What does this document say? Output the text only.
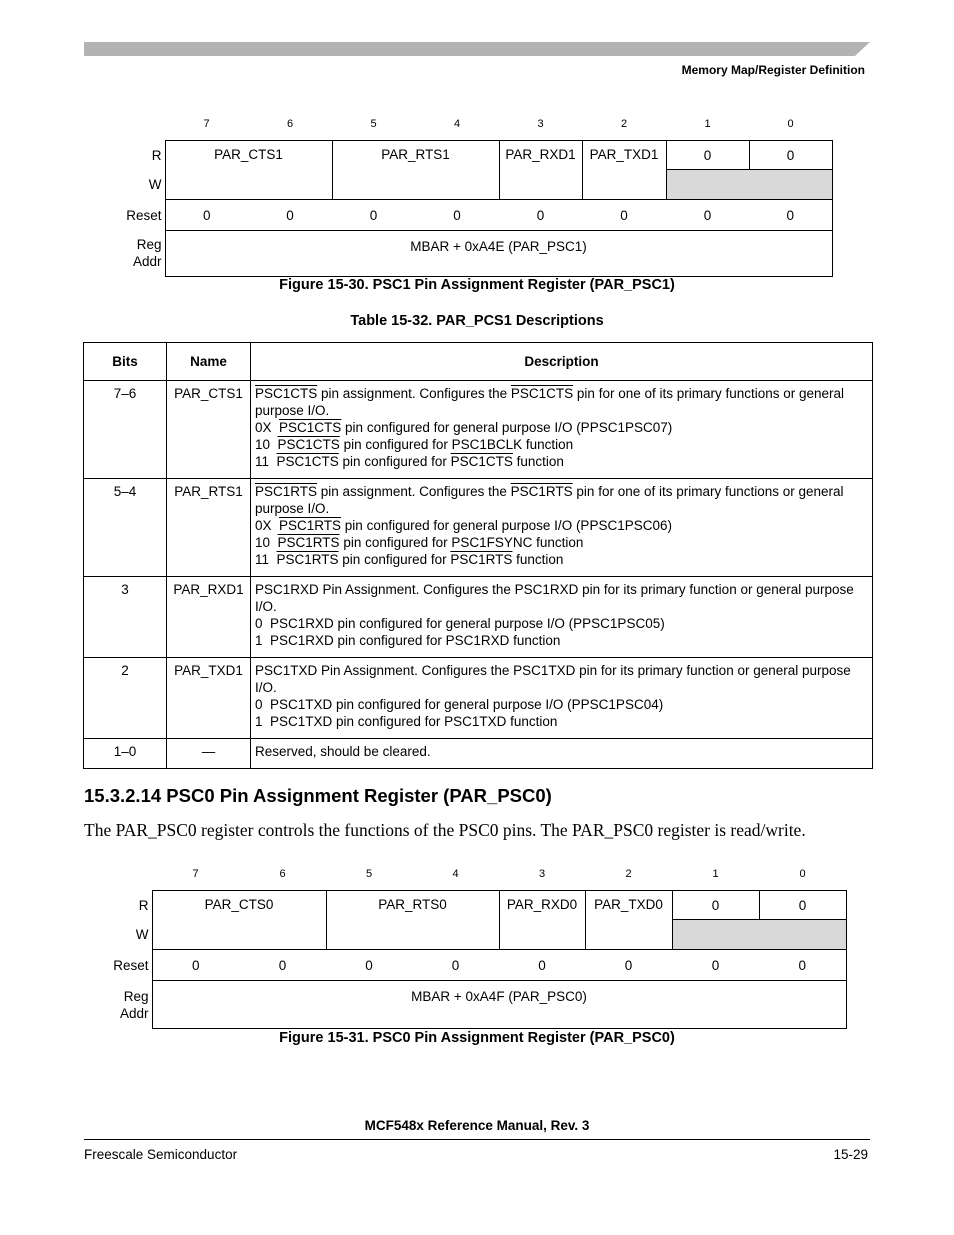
Memory Map/Register Definition
	7	6	5	4	3	2	1	0
R	PAR_CTS1		PAR_RTS1		PAR_RXD1	PAR_TXD1	0	0
W								
Reset	0	0	0	0	0	0	0	0
Reg
Addr	MBAR + 0xA4E (PAR_PSC1)							
Figure 15-30. PSC1 Pin Assignment Register (PAR_PSC1)
Table 15-32. PAR_PCS1 Descriptions
Bits	Name	Description
7–6	PAR_CTS1	PSC1CTS pin assignment. Configures the PSC1CTS pin for one of its primary functions or general purpose I/O.
0X  PSC1CTS pin configured for general purpose I/O (PPSC1PSC07)
10  PSC1CTS pin configured for PSC1BCLK function
11  PSC1CTS pin configured for PSC1CTS function
5–4	PAR_RTS1	PSC1RTS pin assignment. Configures the PSC1RTS pin for one of its primary functions or general purpose I/O.
0X  PSC1RTS pin configured for general purpose I/O (PPSC1PSC06)
10  PSC1RTS pin configured for PSC1FSYNC function
11  PSC1RTS pin configured for PSC1RTS function
3	PAR_RXD1	PSC1RXD Pin Assignment. Configures the PSC1RXD pin for its primary function or general purpose I/O.
0  PSC1RXD pin configured for general purpose I/O (PPSC1PSC05)
1  PSC1RXD pin configured for PSC1RXD function
2	PAR_TXD1	PSC1TXD Pin Assignment. Configures the PSC1TXD pin for its primary function or general purpose I/O.
0  PSC1TXD pin configured for general purpose I/O (PPSC1PSC04)
1  PSC1TXD pin configured for PSC1TXD function
1–0	—	Reserved, should be cleared.
15.3.2.14 PSC0 Pin Assignment Register (PAR_PSC0)
The PAR_PSC0 register controls the functions of the PSC0 pins. The PAR_PSC0 register is read/write.
	7	6	5	4	3	2	1	0
R	PAR_CTS0		PAR_RTS0		PAR_RXD0	PAR_TXD0	0	0
W								
Reset	0	0	0	0	0	0	0	0
Reg
Addr	MBAR + 0xA4F (PAR_PSC0)							
Figure 15-31. PSC0 Pin Assignment Register (PAR_PSC0)
MCF548x Reference Manual, Rev. 3
Freescale Semiconductor	15-29
